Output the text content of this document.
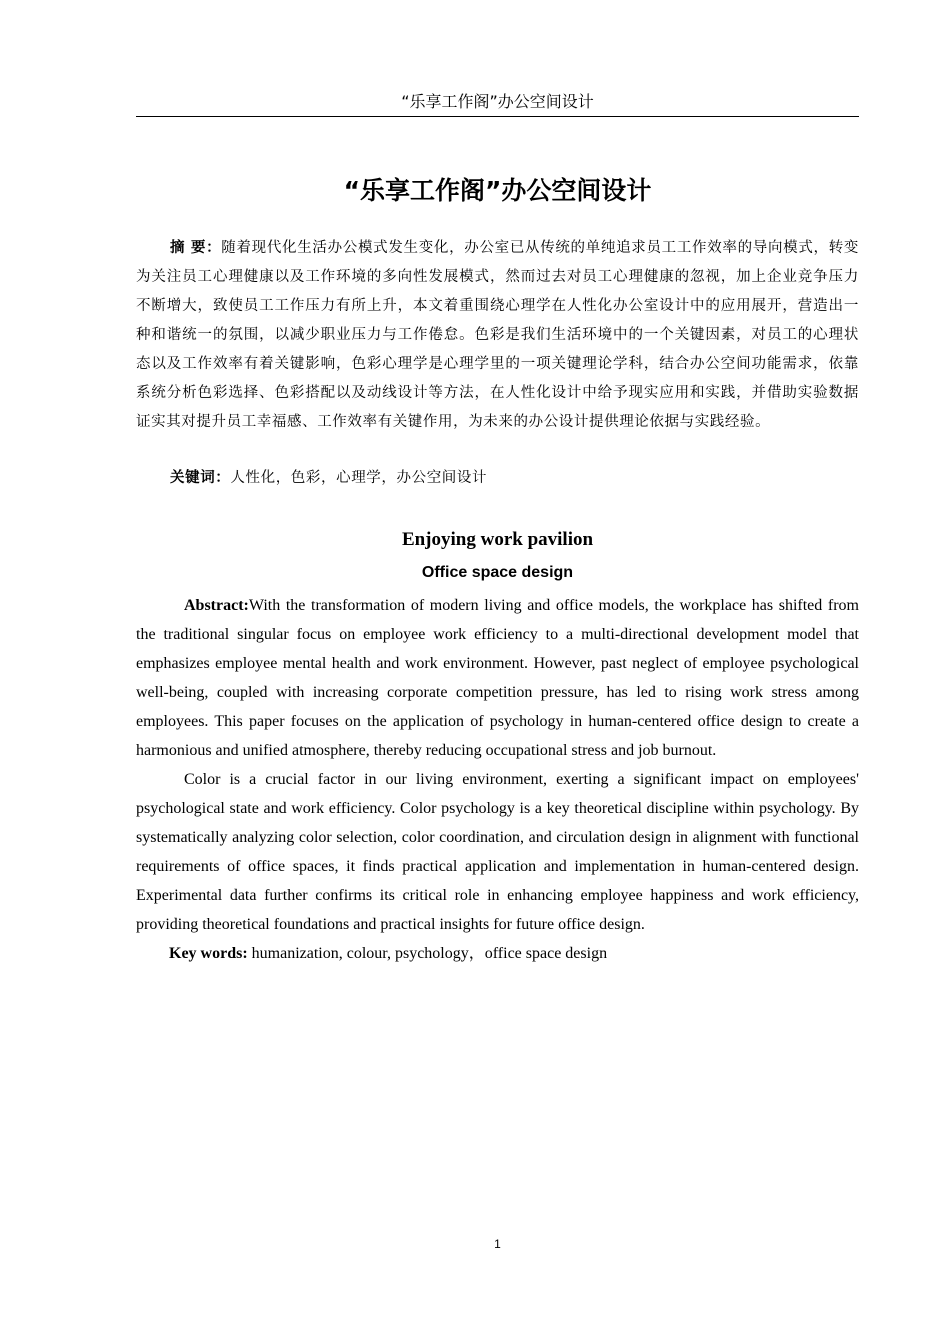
“乐享工作阁”办公空间设计
“乐享工作阁”办公空间设计
摘 要：随着现代化生活办公模式发生变化，办公室已从传统的单纯追求员工工作效率的导向模式，转变为关注员工心理健康以及工作环境的多向性发展模式，然而过去对员工心理健康的忽视，加上企业竞争压力不断增大，致使员工工作压力有所上升，本文着重围绕心理学在人性化办公室设计中的应用展开，营造出一种和谐统一的氛围，以减少职业压力与工作倦怠。色彩是我们生活环境中的一个关键因素，对员工的心理状态以及工作效率有着关键影响，色彩心理学是心理学里的一项关键理论学科，结合办公空间功能需求，依靠系统分析色彩选择、色彩搭配以及动线设计等方法，在人性化设计中给予现实应用和实践，并借助实验数据证实其对提升员工幸福感、工作效率有关键作用，为未来的办公设计提供理论依据与实践经验。
关键词：人性化，色彩，心理学，办公空间设计
Enjoying work pavilion
Office space design

Abstract:With the transformation of modern living and office models, the workplace has shifted from the traditional singular focus on employee work efficiency to a multi-directional development model that emphasizes employee mental health and work environment. However, past neglect of employee psychological well-being, coupled with increasing corporate competition pressure, has led to rising work stress among employees. This paper focuses on the application of psychology in human-centered office design to create a harmonious and unified atmosphere, thereby reducing occupational stress and job burnout.

Color is a crucial factor in our living environment, exerting a significant impact on employees' psychological state and work efficiency. Color psychology is a key theoretical discipline within psychology. By systematically analyzing color selection, color coordination, and circulation design in alignment with functional requirements of office spaces, it finds practical application and implementation in human-centered design. Experimental data further confirms its critical role in enhancing employee happiness and work efficiency, providing theoretical foundations and practical insights for future office design.

Key words: humanization, colour, psychology，office space design

1
